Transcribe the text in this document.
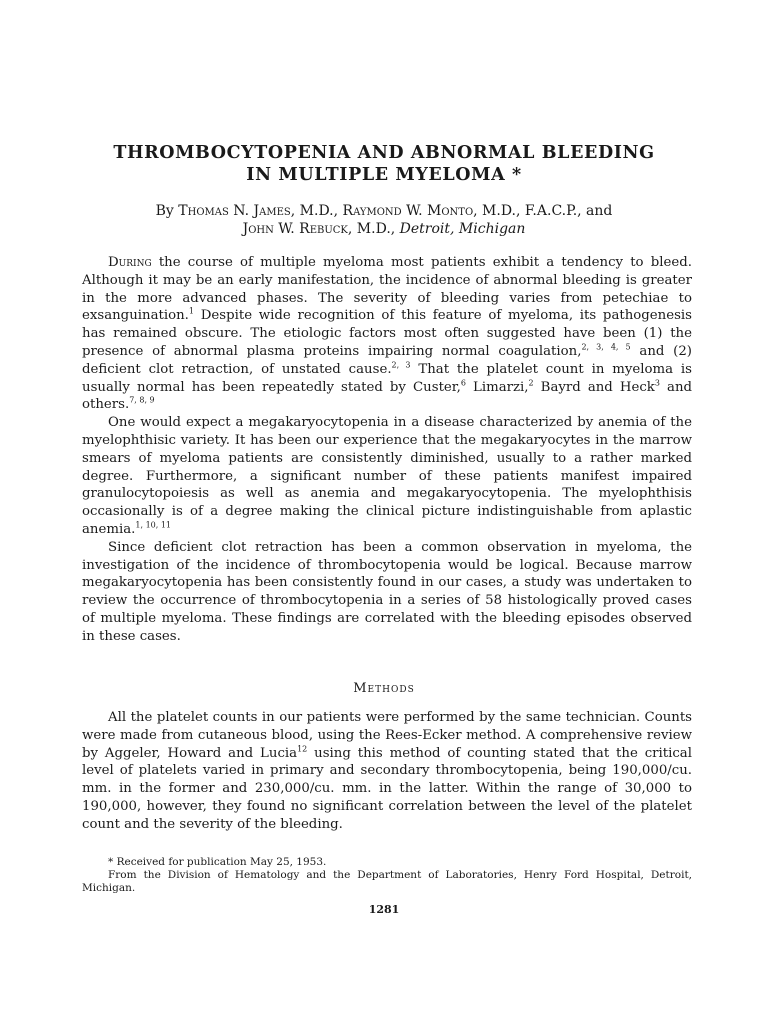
THROMBOCYTOPENIA AND ABNORMAL BLEEDING
IN MULTIPLE MYELOMA *
By Thomas N. James, M.D., Raymond W. Monto, M.D., F.A.C.P., and
John W. Rebuck, M.D., Detroit, Michigan

During the course of multiple myeloma most patients exhibit a tendency to bleed. Although it may be an early manifestation, the incidence of abnormal bleeding is greater in the more advanced phases. The severity of bleeding varies from petechiae to exsanguination.$^1$ Despite wide recognition of this feature of myeloma, its pathogenesis has remained obscure. The etiologic factors most often suggested have been (1) the presence of abnormal plasma proteins impairing normal coagulation,$^{2, 3, 4, 5}$ and (2) deficient clot retraction, of unstated cause.$^{2, 3}$ That the platelet count in myeloma is usually normal has been repeatedly stated by Custer,$^6$ Limarzi,$^2$ Bayrd and Heck$^3$ and others.$^{7, 8, 9}$

One would expect a megakaryocytopenia in a disease characterized by anemia of the myelophthisic variety. It has been our experience that the megakaryocytes in the marrow smears of myeloma patients are consistently diminished, usually to a rather marked degree. Furthermore, a significant number of these patients manifest impaired granulocytopoiesis as well as anemia and megakaryocytopenia. The myelophthisis occasionally is of a degree making the clinical picture indistinguishable from aplastic anemia.$^{1, 10, 11}$

Since deficient clot retraction has been a common observation in myeloma, the investigation of the incidence of thrombocytopenia would be logical. Because marrow megakaryocytopenia has been consistently found in our cases, a study was undertaken to review the occurrence of thrombocytopenia in a series of 58 histologically proved cases of multiple myeloma. These findings are correlated with the bleeding episodes observed in these cases.

Methods

All the platelet counts in our patients were performed by the same technician. Counts were made from cutaneous blood, using the Rees-Ecker method. A comprehensive review by Aggeler, Howard and Lucia$^{12}$ using this method of counting stated that the critical level of platelets varied in primary and secondary thrombocytopenia, being 190,000/cu. mm. in the former and 230,000/cu. mm. in the latter. Within the range of 30,000 to 190,000, however, they found no significant correlation between the level of the platelet count and the severity of the bleeding.

* Received for publication May 25, 1953.

From the Division of Hematology and the Department of Laboratories, Henry Ford Hospital, Detroit, Michigan.

1281
